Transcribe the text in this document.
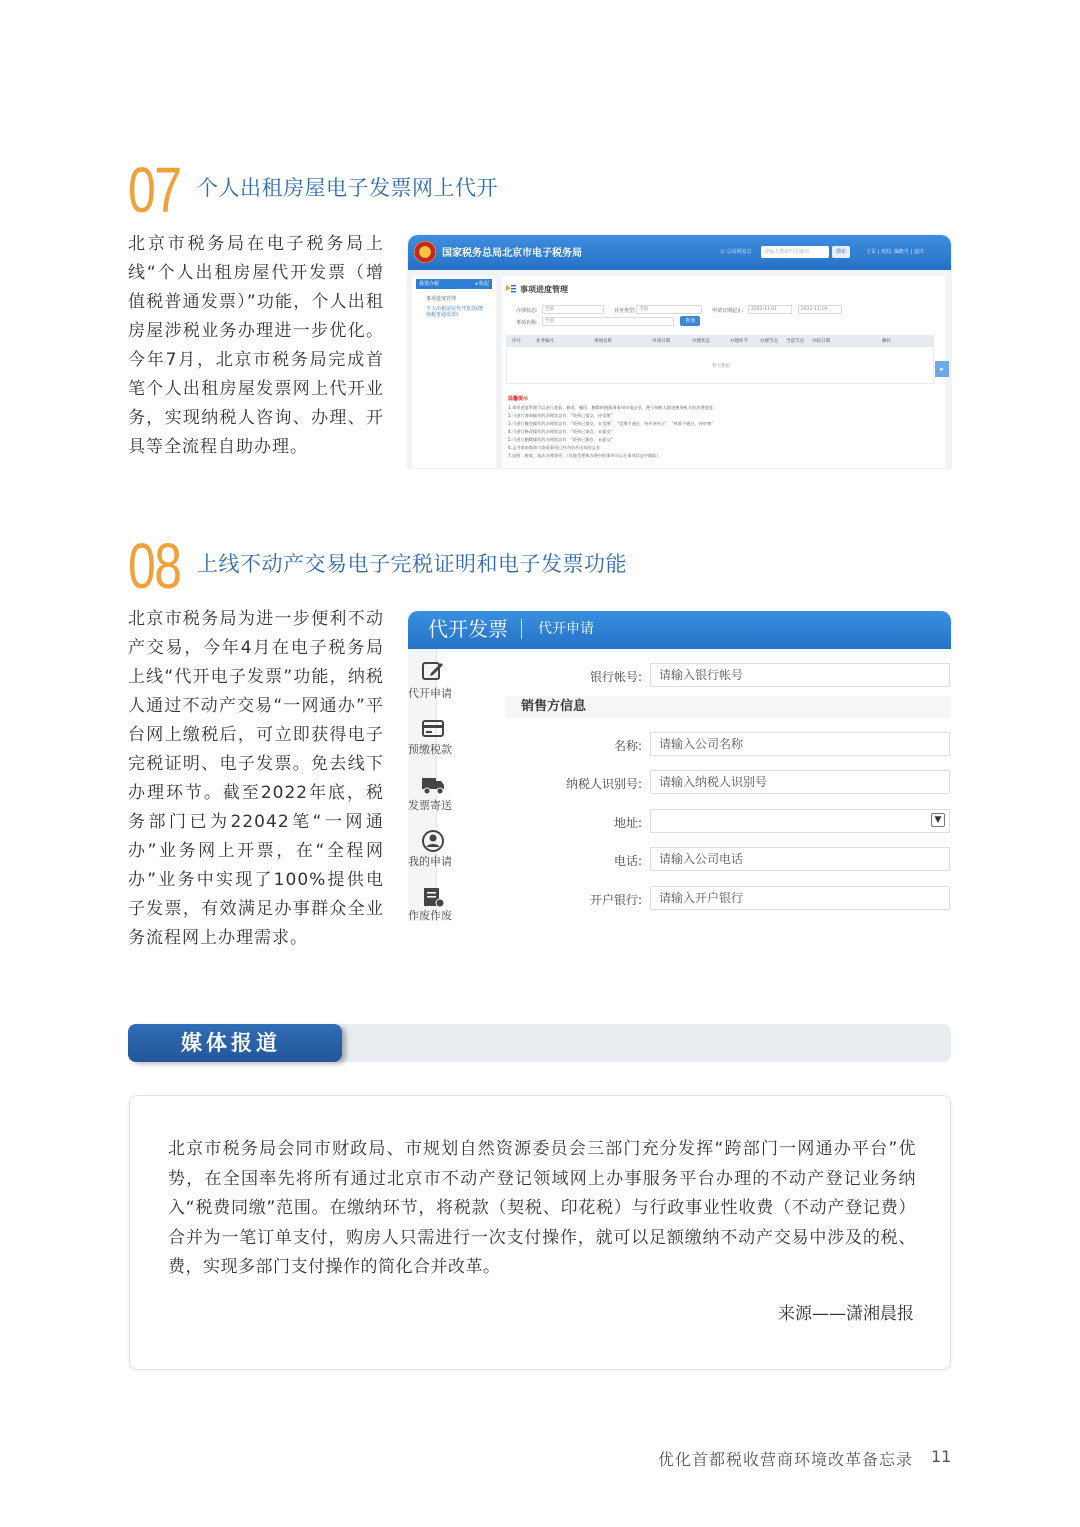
07 个人出租房屋电子发票网上代开
北京市税务局在电子税务局上线“个人出租房屋代开发票（增值税普通发票）”功能，个人出租房屋涉税业务办理进一步优化。今年7月，北京市税务局完成首笔个人出租房屋发票网上代开业务，实现纳税人咨询、办理、开具等全流程自助办理。
国家税务总局北京市电子税务局	公 总局网站总	请输入搜索的关键词	搜索	主页 | 欢迎, 编账号 | 退出
我要办税	◂ 收起
事项进度管理
个人出租房屋代开发票(增值税普通发票)
事项进度管理
办理状态:	全部	业务类型: 全部	申请日期起止:	2022-11-01	2022-11-19
事项名称:	全部	查询
序号	业务编号	事项名称	申请日期	办理状态	办理环节	办理节点 当前节点 办结日期	操作
暂无数据
温馨提示
1.事项进度管理可以进行查看、修改、撤回、删除纳税服务事项申请记录，便于纳税人跟进税务机关的处理进度。
2.可进行查询操作的办理状态有：“资料已提交、待受理”
3.可进行撤回操作的办理状态有：“资料已提交、未受理”、“受理不通过、待补齐补正”、“核准不通过、待审核”
4.可进行修改操作的办理状态有：“资料已保存、未提交”
5.可进行删除操作的办理状态有：“资料已保存、未提交”
6.文书查询查询可查看事项已经办结并出具的文书
7.说明：税收、依法办理事项：（其他受理和办理中的事项可以在事项状态中跟踪）
▸
08 上线不动产交易电子完税证明和电子发票功能
北京市税务局为进一步便利不动产交易，今年4月在电子税务局上线“代开电子发票”功能，纳税人通过不动产交易“一网通办”平台网上缴税后，可立即获得电子完税证明、电子发票。免去线下办理环节。截至2022年底，税务部门已为22042笔“一网通办”业务网上开票，在“全程网办”业务中实现了100%提供电子发票，有效满足办事群众全业务流程网上办理需求。
代开发票 代开申请
代开申请
预缴税款
发票寄送
我的申请
作废作废
银行帐号:	请输入银行帐号
销售方信息
名称:	请输入公司名称
纳税人识别号:	请输入纳税人识别号
地址:	▼
电话:	请输入公司电话
开户银行:	请输入开户银行
媒体报道
北京市税务局会同市财政局、市规划自然资源委员会三部门充分发挥“跨部门一网通办平台”优势，在全国率先将所有通过北京市不动产登记领域网上办事服务平台办理的不动产登记业务纳入“税费同缴”范围。在缴纳环节，将税款（契税、印花税）与行政事业性收费（不动产登记费）合并为一笔订单支付，购房人只需进行一次支付操作，就可以足额缴纳不动产交易中涉及的税、费，实现多部门支付操作的简化合并改革。
来源——潇湘晨报
优化首都税收营商环境改革备忘录 11
